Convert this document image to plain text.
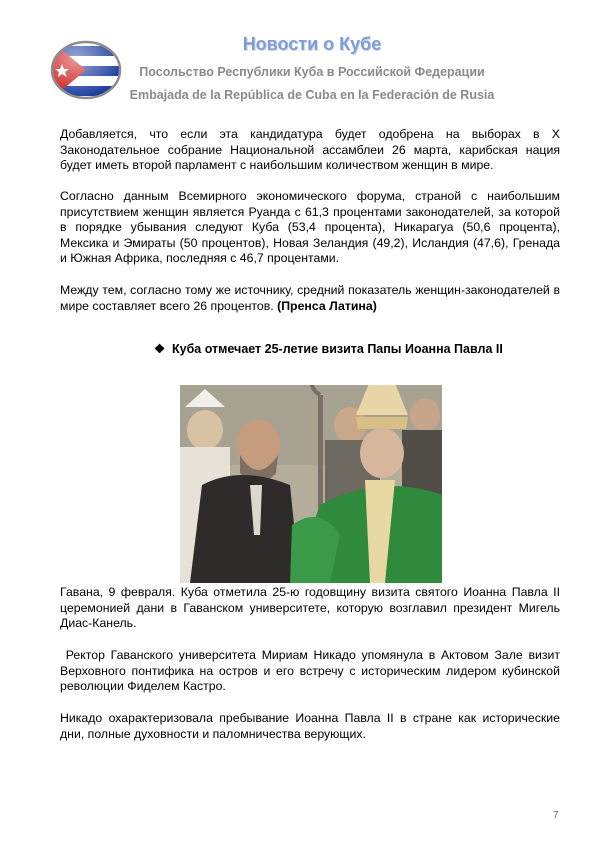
Новости о Кубе
Посольство Республики Куба в Российской Федерации
Embajada de la República de Cuba en la Federación de Rusia

Добавляется, что если эта кандидатура будет одобрена на выборах в Х Законодательное собрание Национальной ассамблеи 26 марта, карибская нация будет иметь второй парламент с наибольшим количеством женщин в мире.

Согласно данным Всемирного экономического форума, страной с наибольшим присутствием женщин является Руанда с 61,3 процентами законодателей, за которой в порядке убывания следуют Куба (53,4 процента), Никарагуа (50,6 процента), Мексика и Эмираты (50 процентов), Новая Зеландия (49,2), Исландия (47,6), Гренада и Южная Африка, последняя с 46,7 процентами.

Между тем, согласно тому же источнику, средний показатель женщин-законодателей в мире составляет всего 26 процентов. (Пренса Латина)

❖ Куба отмечает 25-летие визита Папы Иоанна Павла II

Гавана, 9 февраля. Куба отметила 25-ю годовщину визита святого Иоанна Павла II церемонией дани в Гаванском университете, которую возглавил президент Мигель Диас-Канель.

Ректор Гаванского университета Мириам Никадо упомянула в Актовом Зале визит Верховного понтифика на остров и его встречу с историческим лидером кубинской революции Фиделем Кастро.

Никадо охарактеризовала пребывание Иоанна Павла II в стране как исторические дни, полные духовности и паломничества верующих.

7
